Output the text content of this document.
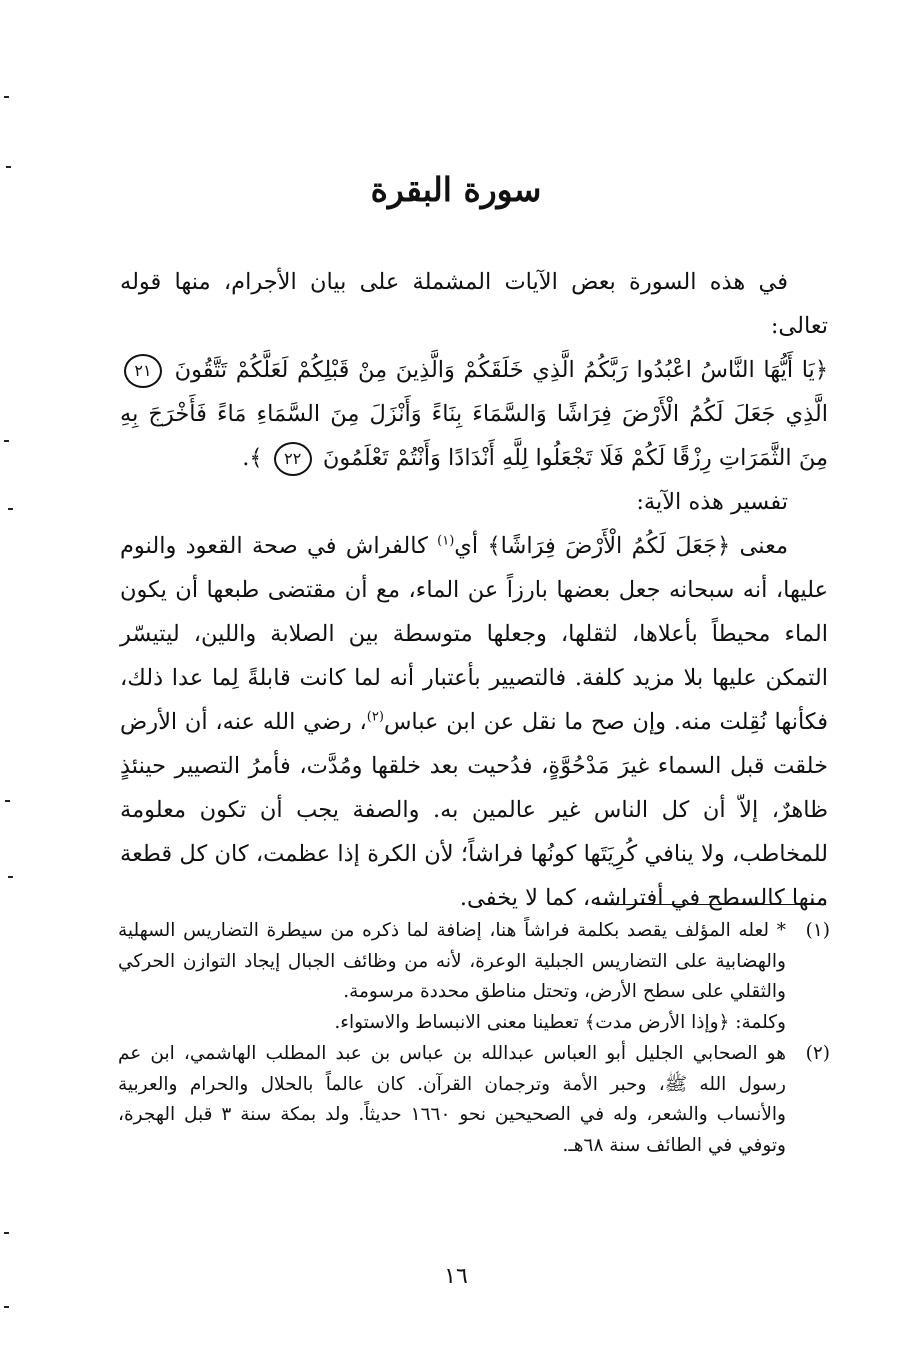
سورة البقرة

في هذه السورة بعض الآيات المشملة على بيان الأجرام، منها قوله تعالى:

﴿يَا أَيُّهَا النَّاسُ اعْبُدُوا رَبَّكُمُ الَّذِي خَلَقَكُمْ وَالَّذِينَ مِنْ قَبْلِكُمْ لَعَلَّكُمْ تَتَّقُونَ ٢١ الَّذِي جَعَلَ لَكُمُ الْأَرْضَ فِرَاشًا وَالسَّمَاءَ بِنَاءً وَأَنْزَلَ مِنَ السَّمَاءِ مَاءً فَأَخْرَجَ بِهِ مِنَ الثَّمَرَاتِ رِزْقًا لَكُمْ فَلَا تَجْعَلُوا لِلَّهِ أَنْدَادًا وَأَنْتُمْ تَعْلَمُونَ ٢٢ ﴾.

تفسير هذه الآية:

معنى ﴿جَعَلَ لَكُمُ الْأَرْضَ فِرَاشًا﴾ أي$^{(١)}$ كالفراش في صحة القعود والنوم عليها، أنه سبحانه جعل بعضها بارزاً عن الماء، مع أن مقتضى طبعها أن يكون الماء محيطاً بأعلاها، لثقلها، وجعلها متوسطة بين الصلابة واللين، ليتيسّر التمكن عليها بلا مزيد كلفة. فالتصيير بأعتبار أنه لما كانت قابلةً لِما عدا ذلك، فكأنها نُقِلت منه. وإن صح ما نقل عن ابن عباس$^{(٢)}$، رضي الله عنه، أن الأرض خلقت قبل السماء غيرَ مَدْحُوَّةٍ، فدُحيت بعد خلقها ومُدَّت، فأمرُ التصيير حينئذٍ ظاهرٌ، إلاّ أن كل الناس غير عالمين به. والصفة يجب أن تكون معلومة للمخاطب، ولا ينافي كُرِيَتَها كونُها فراشاً؛ لأن الكرة إذا عظمت، كان كل قطعة منها كالسطح في أفتراشه، كما لا يخفى.

(١)
* لعله المؤلف يقصد بكلمة فراشاً هنا، إضافة لما ذكره من سيطرة التضاريس السهلية والهضابية على التضاريس الجبلية الوعرة، لأنه من وظائف الجبال إيجاد التوازن الحركي والثقلي على سطح الأرض، وتحتل مناطق محددة مرسومة.
وكلمة: ﴿وإذا الأرض مدت﴾ تعطينا معنى الانبساط والاستواء.
(٢)
هو الصحابي الجليل أبو العباس عبدالله بن عباس بن عبد المطلب الهاشمي، ابن عم رسول الله ﷺ، وحبر الأمة وترجمان القرآن. كان عالماً بالحلال والحرام والعربية والأنساب والشعر، وله في الصحيحين نحو ١٦٦٠ حديثاً. ولد بمكة سنة ٣ قبل الهجرة، وتوفي في الطائف سنة ٦٨هـ.
١٦
